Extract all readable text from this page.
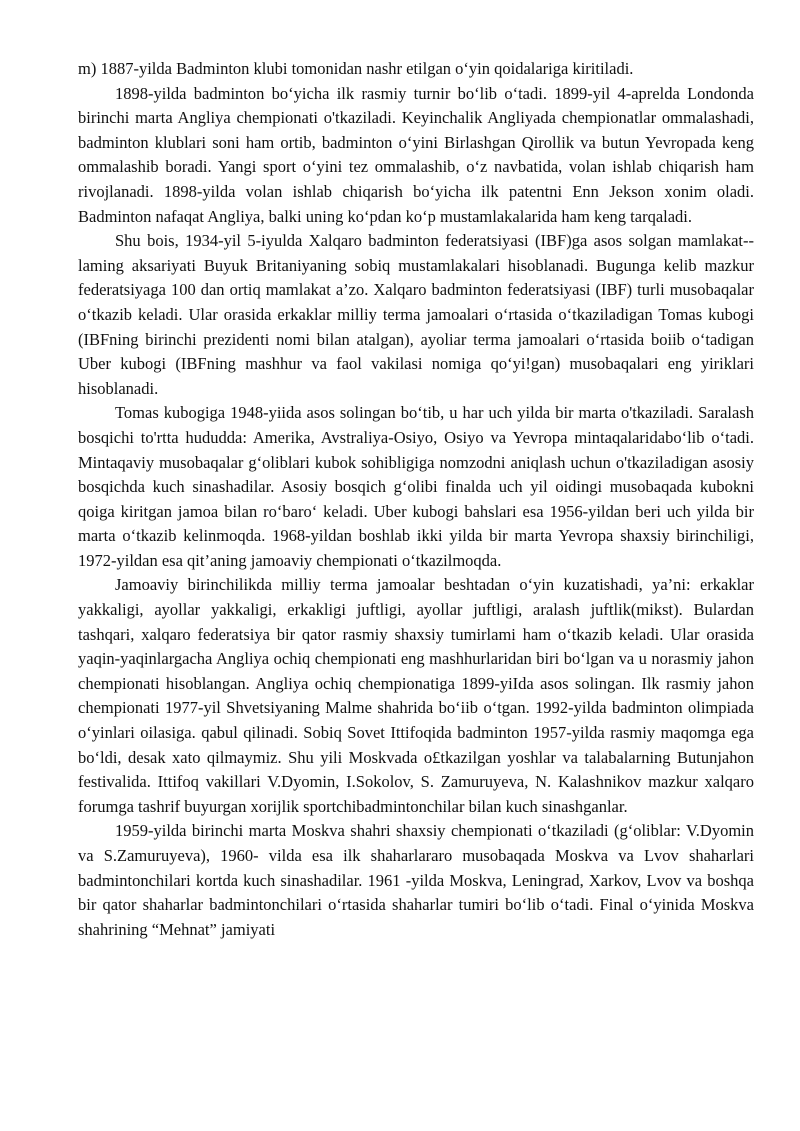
m) 1887-yilda Badminton klubi tomonidan nashr etilgan o‘yin qoidalariga kiritiladi.

1898-yilda badminton bo‘yicha ilk rasmiy turnir bo‘lib o‘tadi. 1899-yil 4-aprelda Londonda birinchi marta Angliya chempionati o'tkaziladi. Keyinchalik Angliyada chempionatlar ommalashadi, badminton klublari soni ham ortib, badminton o‘yini Birlashgan Qirollik va butun Yevropada keng ommalashib boradi. Yangi sport o‘yini tez ommalashib, o‘z navbatida, volan ishlab chiqarish ham rivojlanadi. 1898-yilda volan ishlab chiqarish bo‘yicha ilk patentni Enn Jekson xonim oladi. Badminton nafaqat Angliya, balki uning ko‘pdan ko‘p mustamlakalarida ham keng tarqaladi.

Shu bois, 1934-yil 5-iyulda Xalqaro badminton federatsiyasi (IBF)ga asos solgan mamlakat-- laming aksariyati Buyuk Britaniyaning sobiq mustamlakalari hisoblanadi. Bugunga kelib mazkur federatsiyaga 100 dan ortiq mamlakat a’zo. Xalqaro badminton federatsiyasi (IBF) turli musobaqalar o‘tkazib keladi. Ular orasida erkaklar milliy terma jamoalari o‘rtasida o‘tkaziladigan Tomas kubogi (IBFning birinchi prezidenti nomi bilan atalgan), ayoliar terma jamoalari o‘rtasida boiib o‘tadigan Uber kubogi (IBFning mashhur va faol vakilasi nomiga qo‘yi!gan) musobaqalari eng yiriklari hisoblanadi.

Tomas kubogiga 1948-yiida asos solingan bo‘tib, u har uch yilda bir marta o'tkaziladi. Saralash bosqichi to'rtta hududda: Amerika, Avstraliya-Osiyo, Osiyo va Yevropa mintaqalaridabo‘lib o‘tadi. Mintaqaviy musobaqalar g‘oliblari kubok sohibligiga nomzodni aniqlash uchun o'tkaziladigan asosiy bosqichda kuch sinashadilar. Asosiy bosqich g‘olibi finalda uch yil oidingi musobaqada kubokni qoiga kiritgan jamoa bilan ro‘baro‘ keladi. Uber kubogi bahslari esa 1956-yildan beri uch yilda bir marta o‘tkazib kelinmoqda. 1968-yildan boshlab ikki yilda bir marta Yevropa shaxsiy birinchiligi, 1972-yildan esa qit’aning jamoaviy chempionati o‘tkazilmoqda.

Jamoaviy birinchilikda milliy terma jamoalar beshtadan o‘yin kuzatishadi, ya’ni: erkaklar yakkaligi, ayollar yakkaligi, erkakligi juftligi, ayollar juftligi, aralash juftlik(mikst). Bulardan tashqari, xalqaro federatsiya bir qator rasmiy shaxsiy tumirlami ham o‘tkazib keladi. Ular orasida yaqin-yaqinlargacha Angliya ochiq chempionati eng mashhurlaridan biri bo‘lgan va u norasmiy jahon chempionati hisoblangan. Angliya ochiq chempionatiga 1899-yiIda asos solingan. Ilk rasmiy jahon chempionati 1977-yil Shvetsiyaning Malme shahrida bo‘iib o‘tgan. 1992-yilda badminton olimpiada o‘yinlari oilasiga. qabul qilinadi. Sobiq Sovet Ittifoqida badminton 1957-yilda rasmiy maqomga ega bo‘ldi, desak xato qilmaymiz. Shu yili Moskvada o£tkazilgan yoshlar va talabalarning Butunjahon festivalida. Ittifoq vakillari V.Dyomin, I.Sokolov, S. Zamuruyeva, N. Kalashnikov mazkur xalqaro forumga tashrif buyurgan xorijlik sportchibadmintonchilar bilan kuch sinashganlar.

1959-yilda birinchi marta Moskva shahri shaxsiy chempionati o‘tkaziladi (g‘oliblar: V.Dyomin va S.Zamuruyeva), 1960- vilda esa ilk shaharlararo musobaqada Moskva va Lvov shaharlari badmintonchilari kortda kuch sinashadilar. 1961 -yilda Moskva, Leningrad, Xarkov, Lvov va boshqa bir qator shaharlar badmintonchilari o‘rtasida shaharlar tumiri bo‘lib o‘tadi. Final o‘yinida Moskva shahrining “Mehnat” jamiyati
